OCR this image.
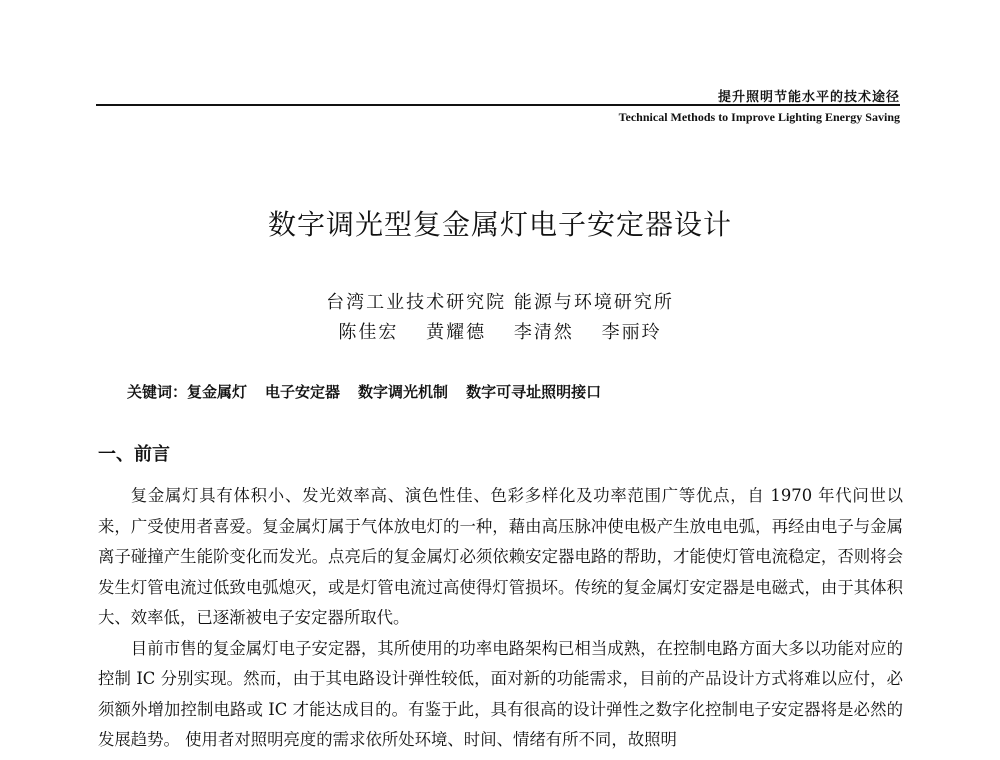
提升照明节能水平的技术途径
Technical Methods to Improve Lighting Energy Saving
数字调光型复金属灯电子安定器设计
台湾工业技术研究院 能源与环境研究所
陈佳宏 黄耀德 李清然 李丽玲
关键词：复金属灯 电子安定器 数字调光机制 数字可寻址照明接口
一、前言

复金属灯具有体积小、发光效率高、演色性佳、色彩多样化及功率范围广等优点，自 1970 年代问世以来，广受使用者喜爱。复金属灯属于气体放电灯的一种，藉由高压脉冲使电极产生放电电弧，再经由电子与金属离子碰撞产生能阶变化而发光。点亮后的复金属灯必须依赖安定器电路的帮助，才能使灯管电流稳定，否则将会发生灯管电流过低致电弧熄灭，或是灯管电流过高使得灯管损坏。传统的复金属灯安定器是电磁式，由于其体积大、效率低，已逐渐被电子安定器所取代。

目前市售的复金属灯电子安定器，其所使用的功率电路架构已相当成熟，在控制电路方面大多以功能对应的控制 IC 分别实现。然而，由于其电路设计弹性较低，面对新的功能需求，目前的产品设计方式将难以应付，必须额外增加控制电路或 IC 才能达成目的。有鉴于此，具有很高的设计弹性之数字化控制电子安定器将是必然的发展趋势。 使用者对照明亮度的需求依所处环境、时间、情绪有所不同，故照明
